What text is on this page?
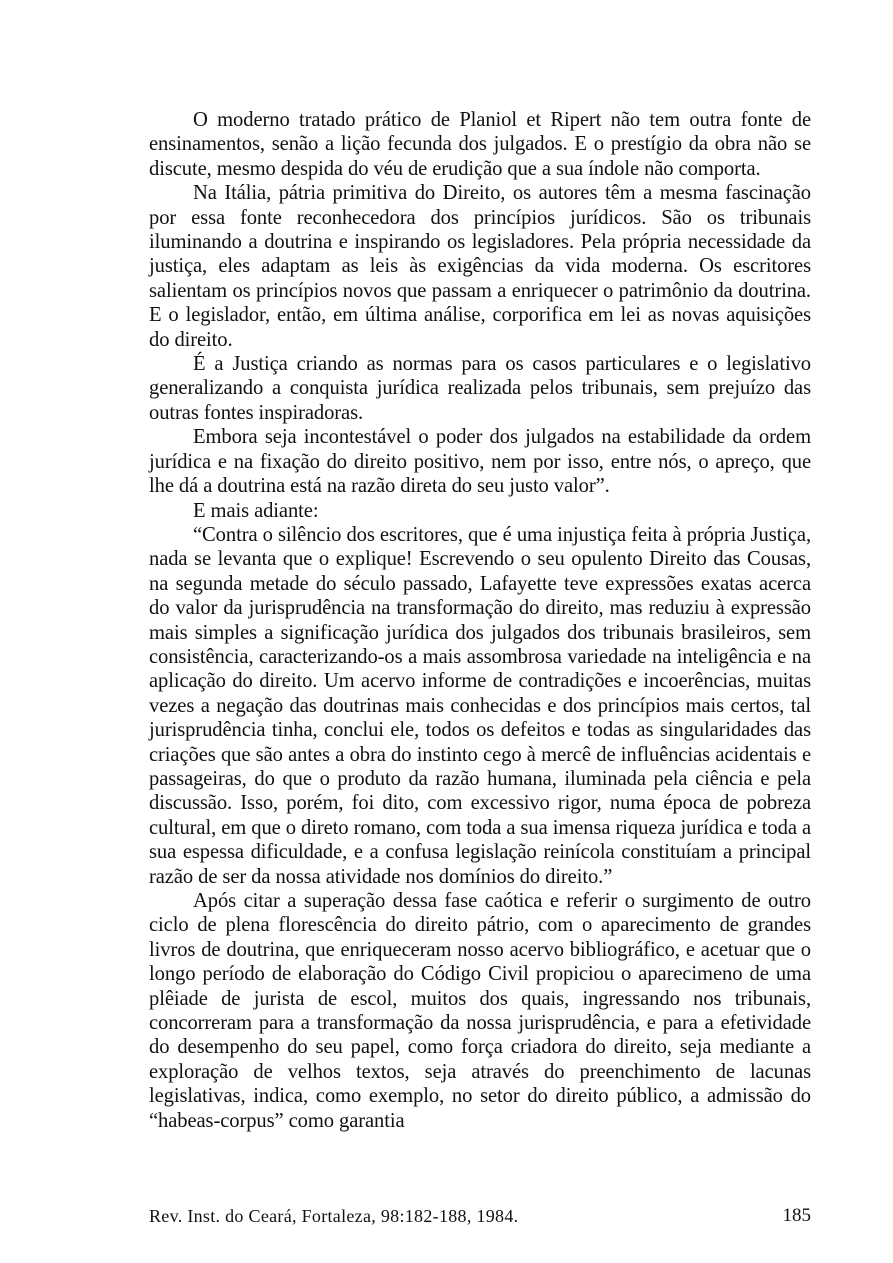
O moderno tratado prático de Planiol et Ripert não tem outra fonte de ensinamentos, senão a lição fecunda dos julgados. E o prestígio da obra não se discute, mesmo despida do véu de erudição que a sua índole não comporta.

Na Itália, pátria primitiva do Direito, os autores têm a mesma fascinação por essa fonte reconhecedora dos princípios jurídicos. São os tribunais iluminando a doutrina e inspirando os legisladores. Pela própria necessidade da justiça, eles adaptam as leis às exigências da vida moderna. Os escritores salientam os princípios novos que passam a enriquecer o patrimônio da doutrina. E o legislador, então, em última análise, corporifica em lei as novas aquisições do direito.

É a Justiça criando as normas para os casos particulares e o legislativo generalizando a conquista jurídica realizada pelos tribunais, sem prejuízo das outras fontes inspiradoras.

Embora seja incontestável o poder dos julgados na estabilidade da ordem jurídica e na fixação do direito positivo, nem por isso, entre nós, o apreço, que lhe dá a doutrina está na razão direta do seu justo valor”.

E mais adiante:

“Contra o silêncio dos escritores, que é uma injustiça feita à própria Justiça, nada se levanta que o explique! Escrevendo o seu opulento Direito das Cousas, na segunda metade do século passado, Lafayette teve expressões exatas acerca do valor da jurisprudência na transformação do direito, mas reduziu à expressão mais simples a significação jurídica dos julgados dos tribunais brasileiros, sem consistência, caracterizando-os a mais assombrosa variedade na inteligência e na aplicação do direito. Um acervo informe de contradições e incoerências, muitas vezes a negação das doutrinas mais conhecidas e dos princípios mais certos, tal jurisprudência tinha, conclui ele, todos os defeitos e todas as singularidades das criações que são antes a obra do instinto cego à mercê de influências acidentais e passageiras, do que o produto da razão humana, iluminada pela ciência e pela discussão. Isso, porém, foi dito, com excessivo rigor, numa época de pobreza cultural, em que o direto romano, com toda a sua imensa riqueza jurídica e toda a sua espessa dificuldade, e a confusa legislação reinícola constituíam a principal razão de ser da nossa atividade nos domínios do direito.”

Após citar a superação dessa fase caótica e referir o surgimento de outro ciclo de plena florescência do direito pátrio, com o aparecimento de grandes livros de doutrina, que enriqueceram nosso acervo bibliográfico, e acetuar que o longo período de elaboração do Código Civil propiciou o aparecimeno de uma plêiade de jurista de escol, muitos dos quais, ingressando nos tribunais, concorreram para a transformação da nossa jurisprudência, e para a efetividade do desempenho do seu papel, como força criadora do direito, seja mediante a exploração de velhos textos, seja através do preenchimento de lacunas legislativas, indica, como exemplo, no setor do direito público, a admissão do “habeas-corpus” como garantia

Rev. Inst. do Ceará, Fortaleza, 98:182-188, 1984.	185
